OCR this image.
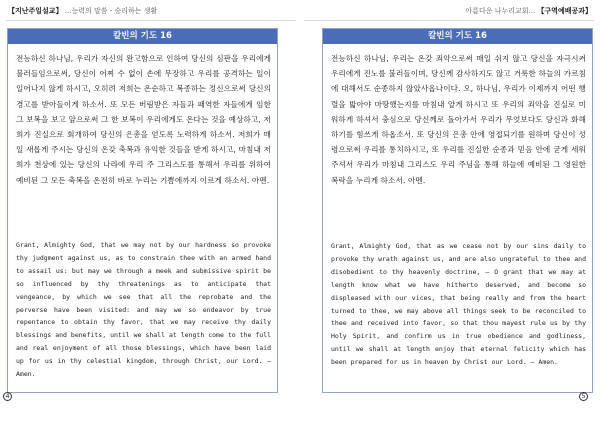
【지난주일설교】 ...능력의 말씀 - 승리하는 생활
칼빈의 기도 16

전능하신 하나님, 우리가 자신의 완고함으로 인하여 당신의 심판을 우리에게 불러들임으로써, 당신이 어찌 수 없이 손에 무장하고 우리를 공격하는 일이 일어나지 않게 하시고, 오히려 저희는 온순하고 복종하는 정신으로써 당신의 경고를 받아들이게 하소서. 또 모든 버림받은 자들과 패역한 자들에게 임한 그 보복을 보고 앞으로써 그 한 보복이 우리에게도 온다는 것을 예상하고, 저희가 진실으로 회개하여 당신의 은총을 얻도록 노력하게 하소서. 저희가 매일 새롭게 주시는 당신의 온갖 축복과 유익한 것들을 받게 하시고, 마침내 저희가 천상에 있는 당신의 나라에 우리 주 그리스도를 통해서 우리를 위하여 예비된 그 모든 축복을 온전히 바로 누리는 기쁨에까지 이르게 하소서. 아멘.

Grant, Almighty God, that we may not by our hardness so provoke thy judgment against us, as to constrain thee with an armed hand to assail us: but may we through a meek and submissive spirit be so influenced by thy threatenings as to anticipate that vengeance, by which we see that all the reprobate and the perverse have been visited: and may we so endeavor by true repentance to obtain thy favor, that we may receive thy daily blessings and benefits, until we shall at length come to the full and real enjoyment of all those blessings, which have been laid up for us in thy celestial kingdom, through Christ, our Lord. — Amen.

4
아름다운 나누리교회... 【구역예배공과】
칼빈의 기도 16

전능하신 하나님, 우리는 온갖 죄악으로써 매일 쉬지 않고 당신을 자극시켜 우리에게 진노를 불러들이며, 당신께 감사하지도 않고 거룩한 하늘의 가르침에 대해서도 순종하지 않았사옵나이다. 오, 하나님, 우리가 이제까지 어떤 행렬을 밟아야 마땅했는지를 마침내 알게 하시고 또 우리의 죄악을 진실로 미워하게 하셔서 충심으로 당신께로 돌아가서 우리가 무엇보다도 당신과 화해하기를 힘쓰게 하옵소서. 또 당신의 은총 안에 영접되기를 원하며 당신이 성령으로써 우리를 통치하시고, 또 우리를 진실한 순종과 믿음 안에 굳게 세워 주셔서 우리가 마침내 그리스도 우리 주님을 통해 하늘에 예비된 그 영원한 복락을 누리게 하소서. 아멘.

Grant, Almighty God, that as we cease not by our sins daily to provoke thy wrath against us, and are also ungrateful to thee and disobedient to thy heavenly doctrine, — O grant that we may at length know what we have hitherto deserved, and become so displeased with our vices, that being really and from the heart turned to thee, we may above all things seek to be reconciled to thee and received into favor, so that thou mayest rule us by thy Holy Spirit, and confirm us in true obedience and godliness, until we shall at length enjoy that eternal felicity which has been prepared for us in heaven by Christ our Lord. — Amen.

5
